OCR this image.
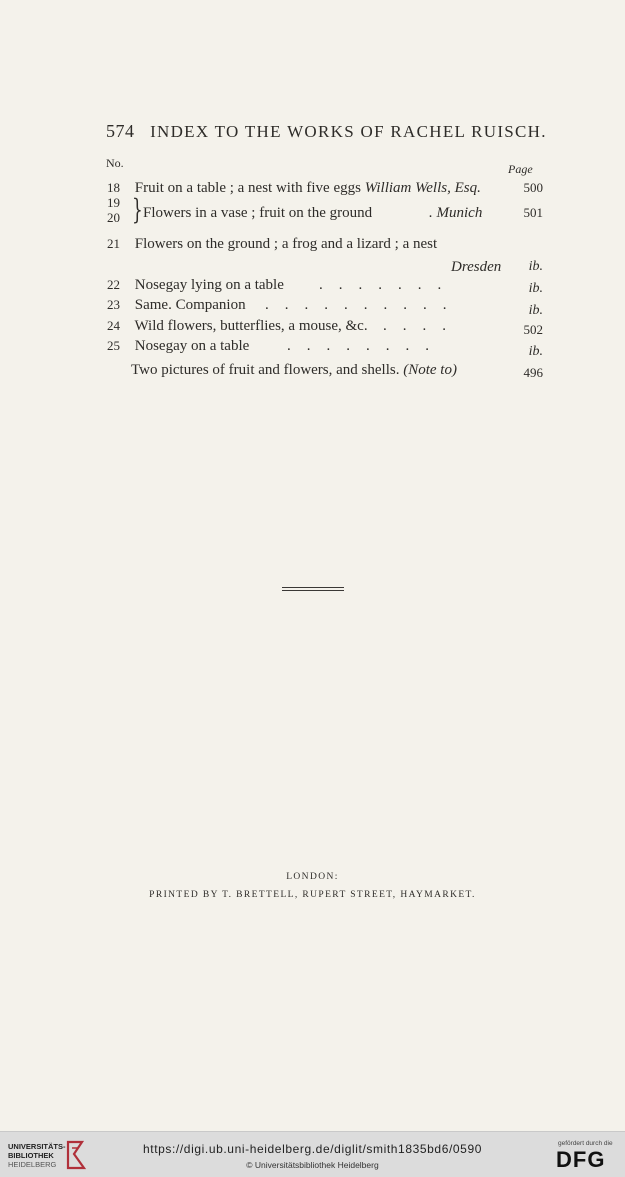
574 INDEX TO THE WORKS OF RACHEL RUISCH.
No.	Page
18 Fruit on a table ; a nest with five eggs William Wells, Esq.	500
19
20 } Flowers in a vase ; fruit on the ground	. Munich	501
21 Flowers on the ground ; a frog and a lizard ; a nest
Dresden ib.
22 Nosegay lying on a table .......	ib.
23 Same. Companion ..........	ib.
24 Wild flowers, butterflies, a mouse, &c. ....	502
25 Nosegay on a table	........	ib.
Two pictures of fruit and flowers, and shells. (Note to)	496
LONDON:
PRINTED BY T. BRETTELL, RUPERT STREET, HAYMARKET.
UNIVERSITÄTS-
BIBLIOTHEK
HEIDELBERG
https://digi.ub.uni-heidelberg.de/diglit/smith1835bd6/0590
© Universitätsbibliothek Heidelberg
gefördert durch die
DFG
